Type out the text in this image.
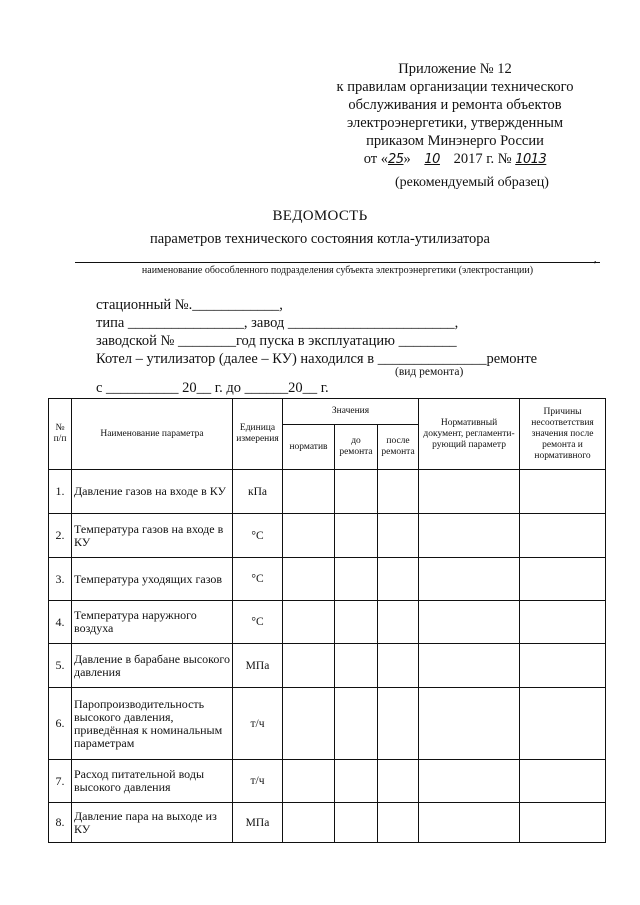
Приложение № 12
к правилам организации технического
обслуживания и ремонта объектов
электроэнергетики, утвержденным
приказом Минэнерго России
от «25» 10 2017 г. № 1013
(рекомендуемый образец)
ВЕДОМОСТЬ
параметров технического состояния котла-утилизатора
,
наименование обособленного подразделения субъекта электроэнергетики (электростанции)
стационный №.____________,
типа ________________, завод _______________________,
заводской № ________год пуска в эксплуатацию ________
Котел – утилизатор (далее – КУ) находился в _______________ремонте
(вид ремонта)
с __________ 20__ г. до ______20__ г.
№ п/п	Наименование параметра	Единица измерения	Значения			Нормативный документ, регламенти-рующий параметр	Причины несоответствия значения после ремонта и нормативного
			норматив	до ремонта	после ремонта		
1.	Давление газов на входе в КУ	кПа					
2.	Температура газов на входе в КУ	°С					
3.	Температура уходящих газов	°С					
4.	Температура наружного воздуха	°С					
5.	Давление в барабане высокого давления	МПа					
6.	Паропроизводительность высокого давления, приведённая к номинальным параметрам	т/ч					
7.	Расход питательной воды высокого давления	т/ч					
8.	Давление пара на выходе из КУ	МПа					
